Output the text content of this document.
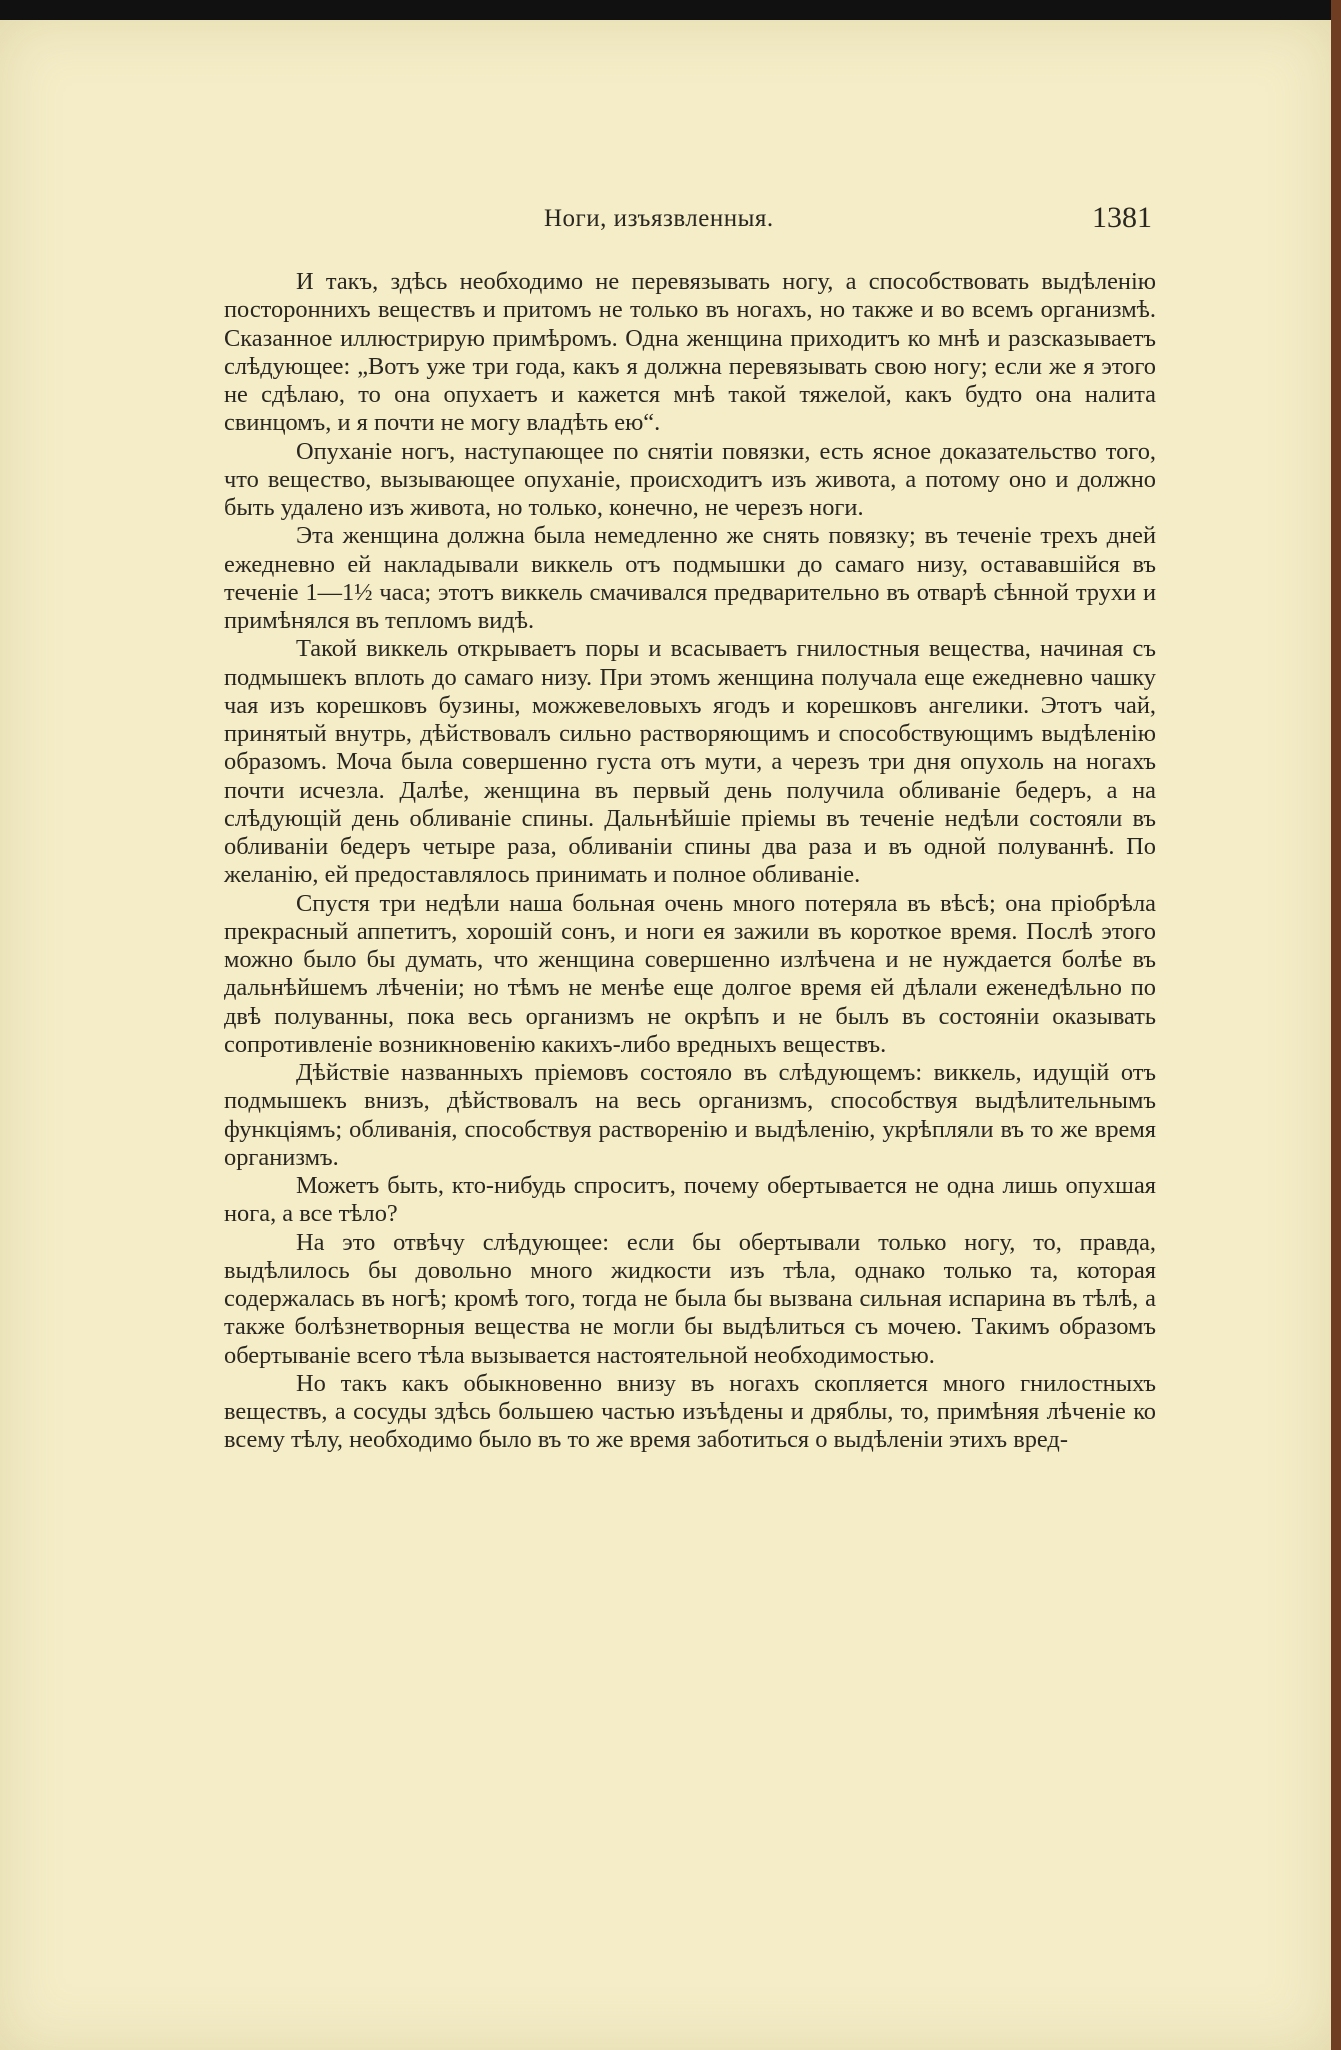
Ноги, изъязвленныя.	1381

И такъ, здѣсь необходимо не перевязывать ногу, а способствовать выдѣленію постороннихъ веществъ и притомъ не только въ ногахъ, но также и во всемъ организмѣ. Сказанное иллюстрирую примѣромъ. Одна женщина приходитъ ко мнѣ и разсказываетъ слѣдующее: „Вотъ уже три года, какъ я должна перевязывать свою ногу; если же я этого не сдѣлаю, то она опухаетъ и кажется мнѣ такой тяжелой, какъ будто она налита свинцомъ, и я почти не могу владѣть ею“.

Опуханіе ногъ, наступающее по снятіи повязки, есть ясное доказательство того, что вещество, вызывающее опуханіе, происходитъ изъ живота, а потому оно и должно быть удалено изъ живота, но только, конечно, не черезъ ноги.

Эта женщина должна была немедленно же снять повязку; въ теченіе трехъ дней ежедневно ей накладывали виккель отъ подмышки до самаго низу, остававшійся въ теченіе 1—1½ часа; этотъ виккель смачивался предварительно въ отварѣ сѣнной трухи и примѣнялся въ тепломъ видѣ.

Такой виккель открываетъ поры и всасываетъ гнилостныя вещества, начиная съ подмышекъ вплоть до самаго низу. При этомъ женщина получала еще ежедневно чашку чая изъ корешковъ бузины, можжевеловыхъ ягодъ и корешковъ ангелики. Этотъ чай, принятый внутрь, дѣйствовалъ сильно растворяющимъ и способствующимъ выдѣленію образомъ. Моча была совершенно густа отъ мути, а черезъ три дня опухоль на ногахъ почти исчезла. Далѣе, женщина въ первый день получила обливаніе бедеръ, а на слѣдующій день обливаніе спины. Дальнѣйшіе пріемы въ теченіе недѣли состояли въ обливаніи бедеръ четыре раза, обливаніи спины два раза и въ одной полуваннѣ. По желанію, ей предоставлялось принимать и полное обливаніе.

Спустя три недѣли наша больная очень много потеряла въ вѣсѣ; она пріобрѣла прекрасный аппетитъ, хорошій сонъ, и ноги ея зажили въ короткое время. Послѣ этого можно было бы думать, что женщина совершенно излѣчена и не нуждается болѣе въ дальнѣйшемъ лѣченіи; но тѣмъ не менѣе еще долгое время ей дѣлали еженедѣльно по двѣ полуванны, пока весь организмъ не окрѣпъ и не былъ въ состояніи оказывать сопротивленіе возникновенію какихъ-либо вредныхъ веществъ.

Дѣйствіе названныхъ пріемовъ состояло въ слѣдующемъ: виккель, идущій отъ подмышекъ внизъ, дѣйствовалъ на весь организмъ, способствуя выдѣлительнымъ функціямъ; обливанія, способствуя растворенію и выдѣленію, укрѣпляли въ то же время организмъ.

Можетъ быть, кто-нибудь спроситъ, почему обертывается не одна лишь опухшая нога, а все тѣло?

На это отвѣчу слѣдующее: если бы обертывали только ногу, то, правда, выдѣлилось бы довольно много жидкости изъ тѣла, однако только та, которая содержалась въ ногѣ; кромѣ того, тогда не была бы вызвана сильная испарина въ тѣлѣ, а также болѣзнетворныя вещества не могли бы выдѣлиться съ мочею. Такимъ образомъ обертываніе всего тѣла вызывается настоятельной необходимостью.

Но такъ какъ обыкновенно внизу въ ногахъ скопляется много гнилостныхъ веществъ, а сосуды здѣсь большею частью изъѣдены и дряблы, то, примѣняя лѣченіе ко всему тѣлу, необходимо было въ то же время заботиться о выдѣленіи этихъ вред-
